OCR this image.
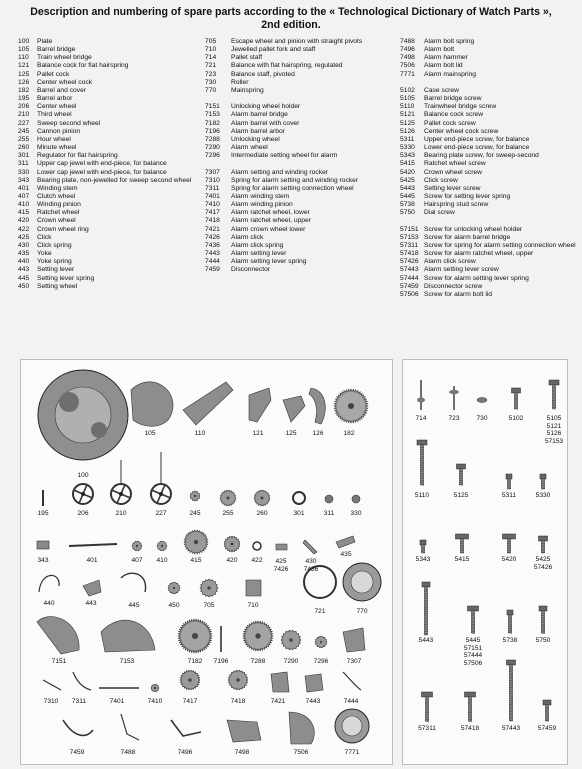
Description and numbering of spare parts according to the « Technological Dictionary of Watch Parts »,
2nd edition.
100	Plate
105	Barrel bridge
110	Train wheel bridge
121	Balance cock for flat hairspring
125	Pallet cock
126	Center wheel cock
182	Barrel and cover
195	Barrel arbor
206	Center wheel
210	Third wheel
227	Sweep second wheel
245	Cannon pinion
255	Hour wheel
260	Minute wheel
301	Regulator for flat hairspring
311	Upper cap jewel with end-piece, for balance
330	Lower cap jewel with end-piece, for balance
343	Bearing plate, non-jewelled for sweep second wheel
401	Winding stem
407	Clutch wheel
410	Winding pinion
415	Ratchet wheel
420	Crown wheel
422	Crown wheel ring
425	Click
430	Click spring
435	Yoke
440	Yoke spring
443	Setting lever
445	Setting lever spring
450	Setting wheel
705	Escape wheel and pinion with straight pivots
710	Jewelled pallet fork and staff
714	Pallet staff
721	Balance with flat hairspring, regulated
723	Balance staff, pivoted
730	Roller
770	Mainspring

7151	Unlocking wheel holder
7153	Alarm barrel bridge
7182	Alarm barrel with cover
7196	Alarm barrel arbor
7288	Unlocking wheel
7290	Alarm wheel
7296	Intermediate setting wheel for alarm

7307	Alarm setting and winding rocker
7310	Spring for alarm setting and winding rocker
7311	Spring for alarm setting connection wheel
7401	Alarm winding stem
7410	Alarm winding pinion
7417	Alarm ratchet wheel, lower
7418	Alarm ratchet wheel, upper
7421	Alarm crown wheel lower
7426	Alarm click
7436	Alarm click spring
7443	Alarm setting lever
7444	Alarm setting lever spring
7459	Disconnector
7488	Alarm bolt spring
7496	Alarm bolt
7498	Alarm hammer
7506	Alarm bolt lid
7771	Alarm mainspring

5102	Case screw
5105	Barrel bridge screw
5110	Trainwheel bridge screw
5121	Balance cock screw
5125	Pallet cock screw
5126	Center wheel cock screw
5311	Upper end-piece screw, for balance
5330	Lower end-piece screw, for balance
5343	Bearing plate screw, for sweep-second
5415	Ratchet wheel screw
5420	Crown wheel screw
5425	Click screw
5443	Setting lever screw
5445	Screw for setting lever spring
5738	Hairspring stud screw
5750	Dial screw

57151 Screw for unlocking wheel holder
57153 Screw for alarm barrel bridge
57311 Screw for spring for alarm setting connection wheel
57418 Screw for alarm ratchet wheel, upper
57426 Alarm click screw
57443 Alarm setting lever screw
57444 Screw for alarm setting lever spring
57459 Disconnector screw
57506 Screw for alarm bolt lid
100
105	110	121	125	126	182
195	206	210	227	245	255	260	301	311	330
343	401	407	410	415	420	422	425
7426
430
7436
435
440	443	445	450	705	710
721	770
7151	7153	7182	7196	7288	7290	7296	7307
7310	7311	7401	7410	7417	7418	7421	7443	7444
7459	7488	7496	7498	7506	7771
714	723	730	5102	5105
5121
5126
57153
5110	5125	5311	5330
5343	5415	5420	5425
57426
5443	5445
57151
57444
57506
5738	5750
57311	57418	57443	57459
